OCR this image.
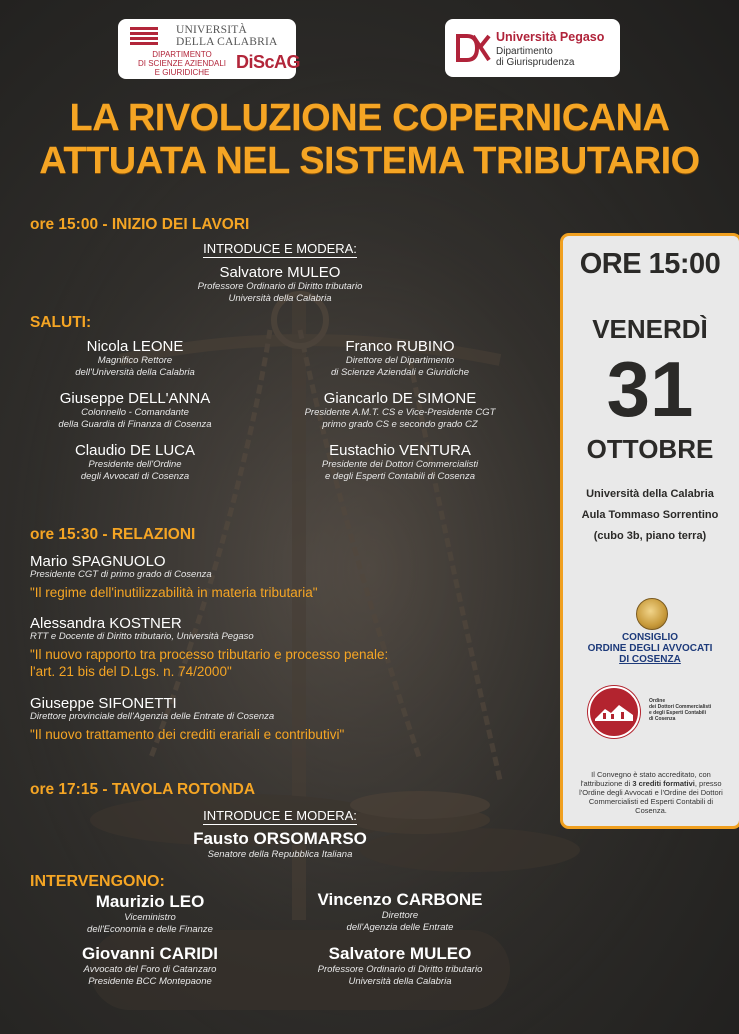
UNIVERSITÀ
DELLA CALABRIA
DIPARTIMENTO
DI SCIENZE AZIENDALI
E GIURIDICHE
DiScAG
Università Pegaso
Dipartimento
di Giurisprudenza
LA RIVOLUZIONE COPERNICANA
ATTUATA NEL SISTEMA TRIBUTARIO
ore 15:00 - INIZIO DEI LAVORI
INTRODUCE E MODERA:
Salvatore MULEO
Professore Ordinario di Diritto tributario
Università della Calabria
SALUTI:
Nicola LEONE
Magnifico Rettore
dell'Università della Calabria
Franco RUBINO
Direttore del Dipartimento
di Scienze Aziendali e Giuridiche
Giuseppe DELL'ANNA
Colonnello - Comandante
della Guardia di Finanza di Cosenza
Giancarlo DE SIMONE
Presidente A.M.T. CS e Vice-Presidente CGT
primo grado CS e secondo grado CZ
Claudio DE LUCA
Presidente dell'Ordine
degli Avvocati di Cosenza
Eustachio VENTURA
Presidente dei Dottori Commercialisti
e degli Esperti Contabili di Cosenza
ore 15:30 - RELAZIONI
Mario SPAGNUOLO
Presidente CGT di primo grado di Cosenza
"Il regime dell'inutilizzabilità in materia tributaria"
Alessandra KOSTNER
RTT e Docente di Diritto tributario, Università Pegaso
"Il nuovo rapporto tra processo tributario e processo penale:
l'art. 21 bis del D.Lgs. n. 74/2000"
Giuseppe SIFONETTI
Direttore provinciale dell'Agenzia delle Entrate di Cosenza
"Il nuovo trattamento dei crediti erariali e contributivi"
ore 17:15 - TAVOLA ROTONDA
INTRODUCE E MODERA:
Fausto ORSOMARSO
Senatore della Repubblica Italiana
INTERVENGONO:
Maurizio LEO
Viceministro
dell'Economia e delle Finanze
Vincenzo CARBONE
Direttore
dell'Agenzia delle Entrate
Giovanni CARIDI
Avvocato del Foro di Catanzaro
Presidente BCC Montepaone
Salvatore MULEO
Professore Ordinario di Diritto tributario
Università della Calabria
ORE 15:00
VENERDÌ
31
OTTOBRE
Università della Calabria
Aula Tommaso Sorrentino
(cubo 3b, piano terra)
CONSIGLIO
ORDINE DEGLI AVVOCATI
DI COSENZA
Ordine
dei Dottori Commercialisti
e degli Esperti Contabili
di Cosenza
Il Convegno è stato accreditato, con l'attribuzione di 3 crediti formativi, presso l'Ordine degli Avvocati e l'Ordine dei Dottori Commercialisti ed Esperti Contabili di Cosenza.
